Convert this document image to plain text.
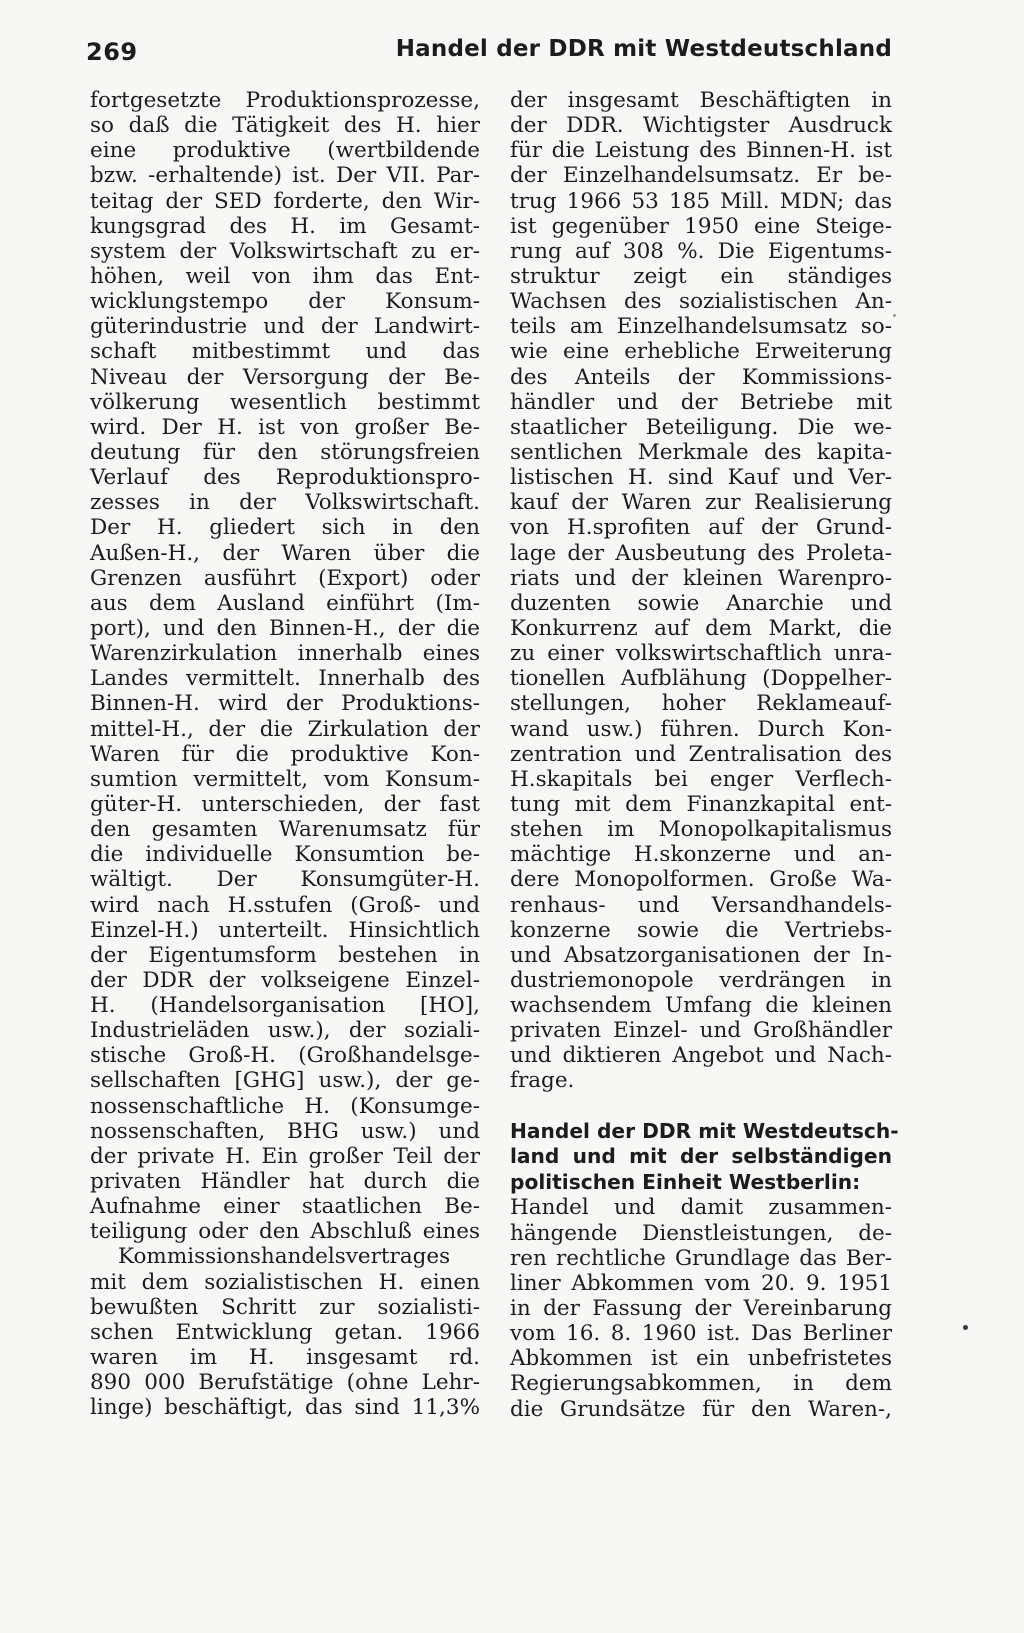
269	Handel der DDR mit Westdeutschland
fortgesetzte Produktionsprozesse,
so daß die Tätigkeit des H. hier
eine produktive (wertbildende
bzw. -erhaltende) ist. Der VII. Par-
teitag der SED forderte, den Wir-
kungsgrad des H. im Gesamt-
system der Volkswirtschaft zu er-
höhen, weil von ihm das Ent-
wicklungstempo der Konsum-
güterindustrie und der Landwirt-
schaft mitbestimmt und das
Niveau der Versorgung der Be-
völkerung wesentlich bestimmt
wird. Der H. ist von großer Be-
deutung für den störungsfreien
Verlauf des Reproduktionspro-
zesses in der Volkswirtschaft.
Der H. gliedert sich in den
Außen-H., der Waren über die
Grenzen ausführt (Export) oder
aus dem Ausland einführt (Im-
port), und den Binnen-H., der die
Warenzirkulation innerhalb eines
Landes vermittelt. Innerhalb des
Binnen-H. wird der Produktions-
mittel-H., der die Zirkulation der
Waren für die produktive Kon-
sumtion vermittelt, vom Konsum-
güter-H. unterschieden, der fast
den gesamten Warenumsatz für
die individuelle Konsumtion be-
wältigt. Der Konsumgüter-H.
wird nach H.sstufen (Groß- und
Einzel-H.) unterteilt. Hinsichtlich
der Eigentumsform bestehen in
der DDR der volkseigene Einzel-
H. (Handelsorganisation [HO],
Industrieläden usw.), der soziali-
stische Groß-H. (Großhandelsge-
sellschaften [GHG] usw.), der ge-
nossenschaftliche H. (Konsumge-
nossenschaften, BHG usw.) und
der private H. Ein großer Teil der
privaten Händler hat durch die
Aufnahme einer staatlichen Be-
teiligung oder den Abschluß eines
Kommissionshandelsvertrages
mit dem sozialistischen H. einen
bewußten Schritt zur sozialisti-
schen Entwicklung getan. 1966
waren im H. insgesamt rd.
890 000 Berufstätige (ohne Lehr-
linge) beschäftigt, das sind 11,3%
der insgesamt Beschäftigten in
der DDR. Wichtigster Ausdruck
für die Leistung des Binnen-H. ist
der Einzelhandelsumsatz. Er be-
trug 1966 53 185 Mill. MDN; das
ist gegenüber 1950 eine Steige-
rung auf 308 %. Die Eigentums-
struktur zeigt ein ständiges
Wachsen des sozialistischen An-
teils am Einzelhandelsumsatz so-
wie eine erhebliche Erweiterung
des Anteils der Kommissions-
händler und der Betriebe mit
staatlicher Beteiligung. Die we-
sentlichen Merkmale des kapita-
listischen H. sind Kauf und Ver-
kauf der Waren zur Realisierung
von H.sprofiten auf der Grund-
lage der Ausbeutung des Proleta-
riats und der kleinen Warenpro-
duzenten sowie Anarchie und
Konkurrenz auf dem Markt, die
zu einer volkswirtschaftlich unra-
tionellen Aufblähung (Doppelher-
stellungen, hoher Reklameauf-
wand usw.) führen. Durch Kon-
zentration und Zentralisation des
H.skapitals bei enger Verflech-
tung mit dem Finanzkapital ent-
stehen im Monopolkapitalismus
mächtige H.skonzerne und an-
dere Monopolformen. Große Wa-
renhaus- und Versandhandels-
konzerne sowie die Vertriebs-
und Absatzorganisationen der In-
dustriemonopole verdrängen in
wachsendem Umfang die kleinen
privaten Einzel- und Großhändler
und diktieren Angebot und Nach-
frage.
Handel der DDR mit Westdeutsch-
land und mit der selbständigen
politischen Einheit Westberlin:
Handel und damit zusammen-
hängende Dienstleistungen, de-
ren rechtliche Grundlage das Ber-
liner Abkommen vom 20. 9. 1951
in der Fassung der Vereinbarung
vom 16. 8. 1960 ist. Das Berliner
Abkommen ist ein unbefristetes
Regierungsabkommen, in dem
die Grundsätze für den Waren-,
